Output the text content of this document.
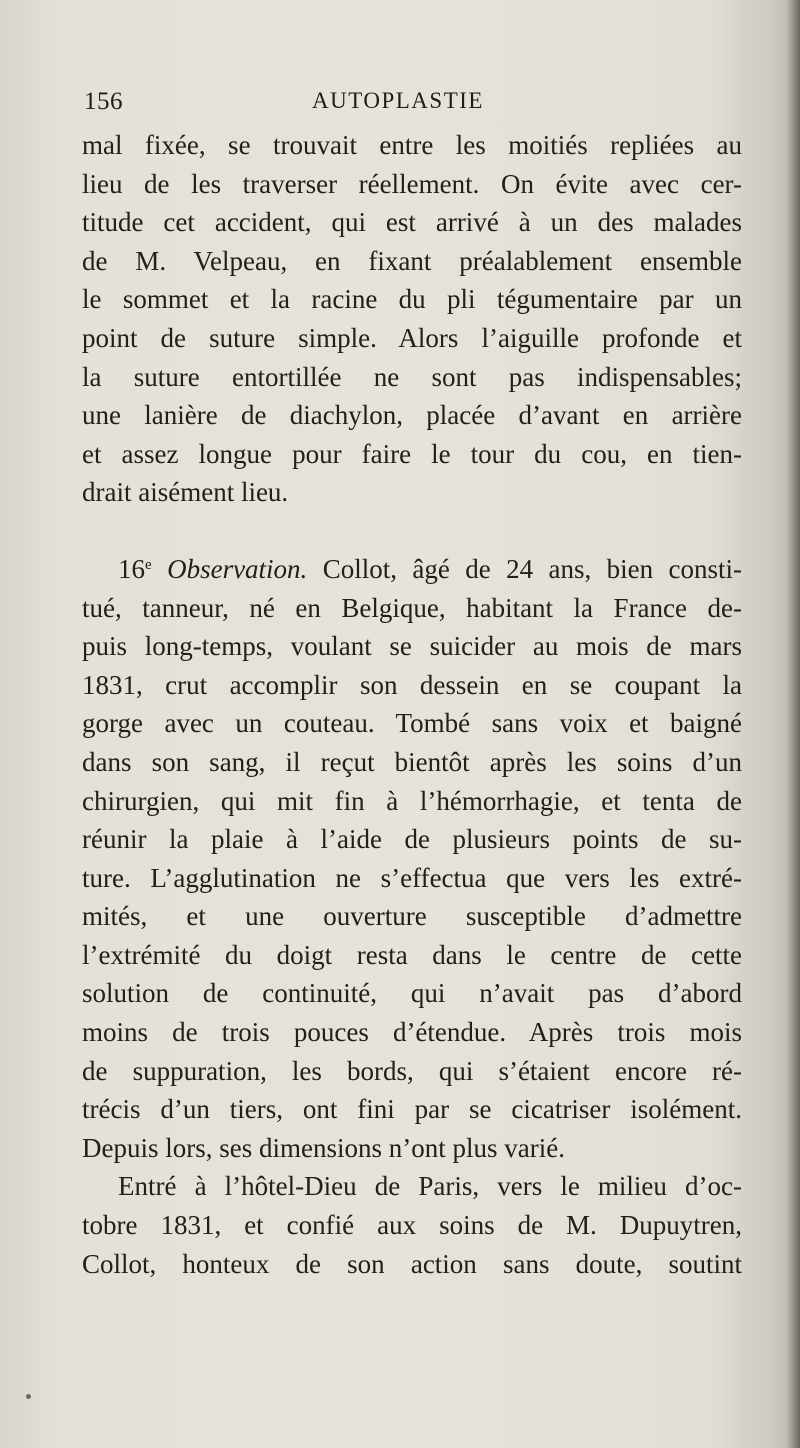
156	AUTOPLASTIE
mal fixée, se trouvait entre les moitiés repliées au
lieu de les traverser réellement. On évite avec cer-
titude cet accident, qui est arrivé à un des malades
de M. Velpeau, en fixant préalablement ensemble
le sommet et la racine du pli tégumentaire par un
point de suture simple. Alors l’aiguille profonde et
la suture entortillée ne sont pas indispensables;
une lanière de diachylon, placée d’avant en arrière
et assez longue pour faire le tour du cou, en tien-
drait aisément lieu.
16e Observation. Collot, âgé de 24 ans, bien consti-
tué, tanneur, né en Belgique, habitant la France de-
puis long-temps, voulant se suicider au mois de mars
1831, crut accomplir son dessein en se coupant la
gorge avec un couteau. Tombé sans voix et baigné
dans son sang, il reçut bientôt après les soins d’un
chirurgien, qui mit fin à l’hémorrhagie, et tenta de
réunir la plaie à l’aide de plusieurs points de su-
ture. L’agglutination ne s’effectua que vers les extré-
mités, et une ouverture susceptible d’admettre
l’extrémité du doigt resta dans le centre de cette
solution de continuité, qui n’avait pas d’abord
moins de trois pouces d’étendue. Après trois mois
de suppuration, les bords, qui s’étaient encore ré-
trécis d’un tiers, ont fini par se cicatriser isolément.
Depuis lors, ses dimensions n’ont plus varié.
Entré à l’hôtel-Dieu de Paris, vers le milieu d’oc-
tobre 1831, et confié aux soins de M. Dupuytren,
Collot, honteux de son action sans doute, soutint
